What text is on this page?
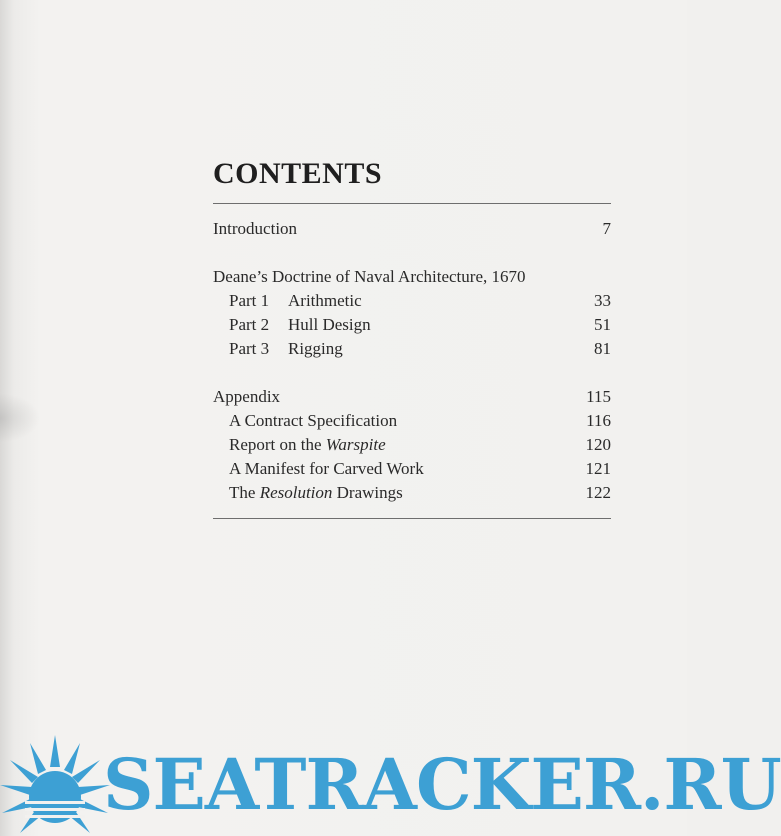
CONTENTS
Introduction	7
Deane’s Doctrine of Naval Architecture, 1670
Part 1 Arithmetic	33
Part 2 Hull Design	51
Part 3 Rigging	81
Appendix	115
A Contract Specification	116
Report on the Warspite	120
A Manifest for Carved Work	121
The Resolution Drawings	122
SEATRACKER.RU
